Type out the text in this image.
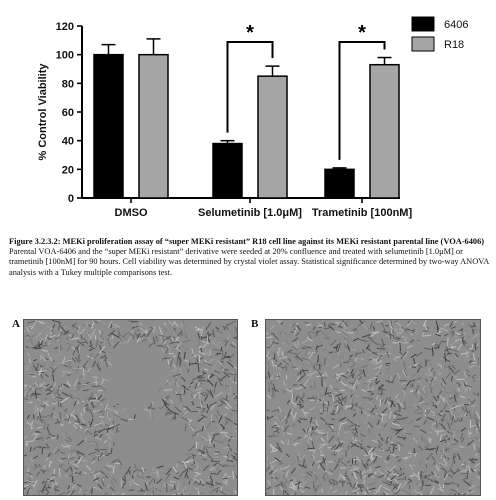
0
20
40
60
80
100
120
% Control Viability
DMSO	Selumetinib [1.0μM] Trametinib [100nM]
*	*	6406
R18
Figure 3.2.3.2: MEKi proliferation assay of “super MEKi resistant” R18 cell line against its MEKi resistant parental line (VOA-6406)
Parental VOA-6406 and the “super MEKi resistant” derivative were seeded at 20% confluence and treated with selumetinib [1.0μM] or trametinib [100nM] for 90 hours. Cell viability was determined by crystal violet assay. Statistical significance determined by two-way ANOVA analysis with a Tukey multiple comparisons test.
A	B
